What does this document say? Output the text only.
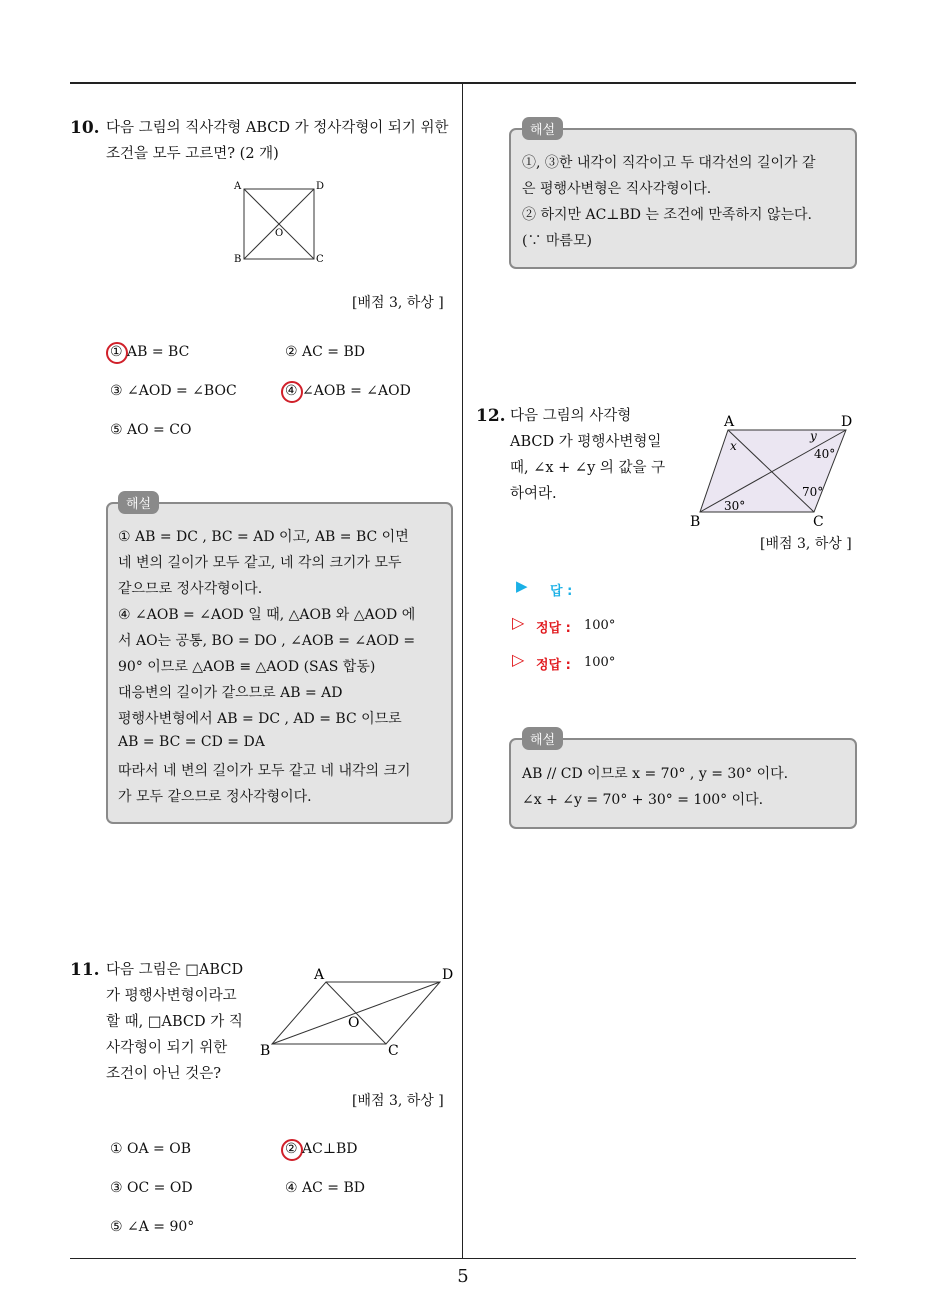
10. 다음 그림의 직사각형 ABCD 가 정사각형이 되기 위한
조건을 모두 고르면? (2 개)
A	D
B	C
O
[배점 3, 하상 ]
① AB = BC	② AC = BD
③ ∠AOD = ∠BOC	④ ∠AOB = ∠AOD
⑤ AO = CO
해설
① AB = DC , BC = AD 이고, AB = BC 이면
네 변의 길이가 모두 같고, 네 각의 크기가 모두
같으므로 정사각형이다.
④ ∠AOB = ∠AOD 일 때, △AOB 와 △AOD 에
서 AO는 공통, BO = DO , ∠AOB = ∠AOD =
90° 이므로 △AOB ≡ △AOD (SAS 합동)
대응변의 길이가 같으므로 AB = AD
평행사변형에서 AB = DC , AD = BC 이므로
AB = BC = CD = DA
따라서 네 변의 길이가 모두 같고 네 내각의 크기
가 모두 같으므로 정사각형이다.
11. 다음 그림은 □ABCD
가 평행사변형이라고
할 때, □ABCD 가 직
사각형이 되기 위한
조건이 아닌 것은?
A	D
B	C
O
[배점 3, 하상 ]
① OA = OB	② AC⊥BD
③ OC = OD	④ AC = BD
⑤ ∠A = 90°
해설
①, ③한 내각이 직각이고 두 대각선의 길이가 같
은 평행사변형은 직사각형이다.
② 하지만 AC⊥BD 는 조건에 만족하지 않는다.
(∵ 마름모)
12. 다음 그림의 사각형
ABCD 가 평행사변형일
때, ∠x + ∠y 의 값을 구
하여라.
A	D
B	C
x
y
40°
70°
30°
[배점 3, 하상 ]
▶ 답 :
▷ 정답 : 100°
▷ 정답 : 100°
해설
AB // CD 이므로 x = 70° , y = 30° 이다.
∠x + ∠y = 70° + 30° = 100° 이다.
5
